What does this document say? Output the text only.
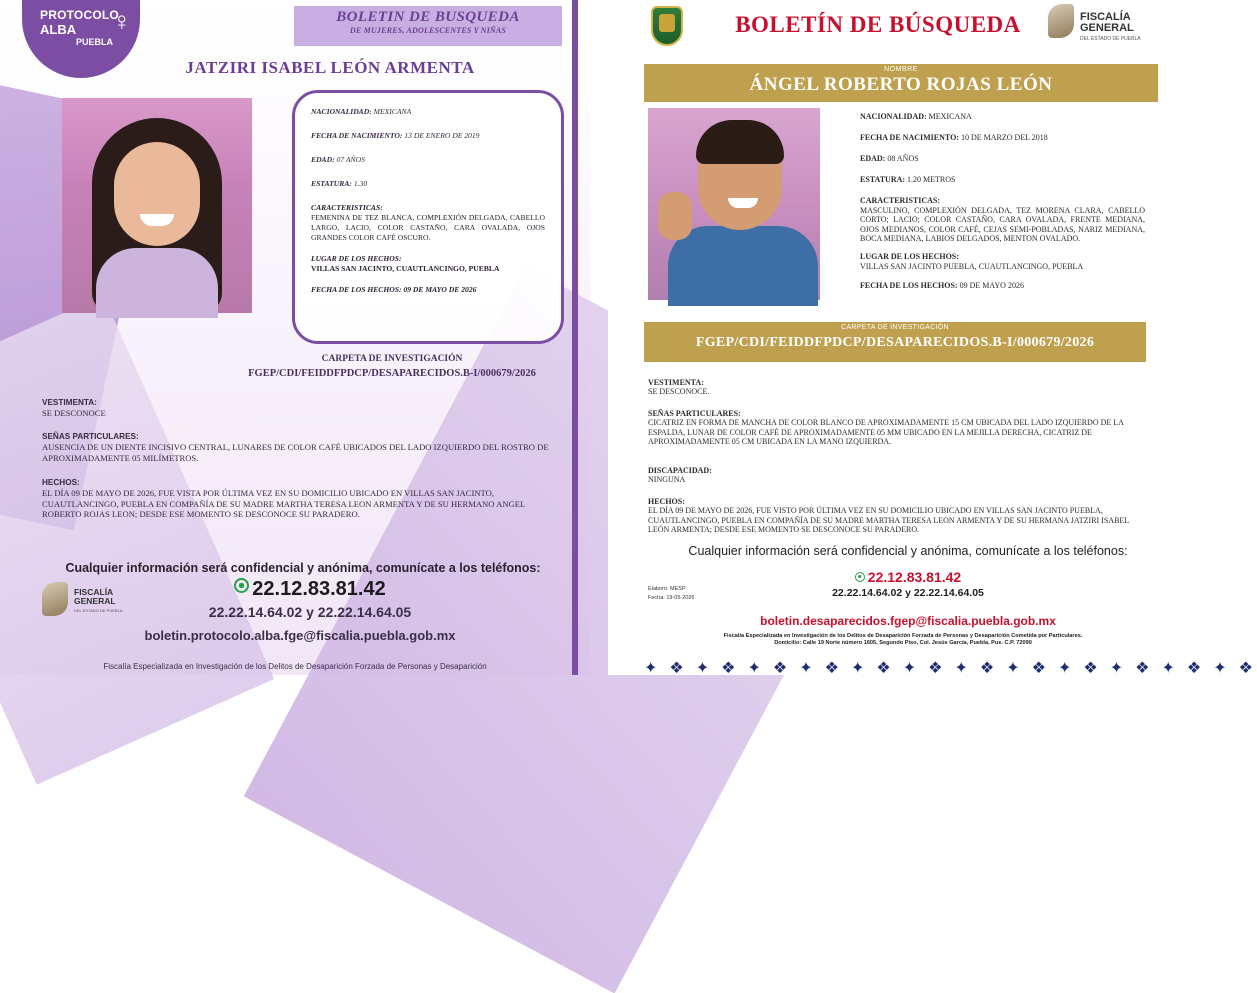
PROTOCOLO
ALBA
PUEBLA
♀	BOLETIN DE BUSQUEDA
DE MUJERES, ADOLESCENTES Y NIÑAS
JATZIRI ISABEL LEÓN ARMENTA
NACIONALIDAD: MEXICANA
FECHA DE NACIMIENTO: 13 DE ENERO DE 2019
EDAD: 07 AÑOS
ESTATURA: 1.30
CARACTERISTICAS:
FEMENINA DE TEZ BLANCA, COMPLEXIÓN DELGADA, CABELLO LARGO, LACIO, COLOR CASTAÑO, CARA OVALADA, OJOS GRANDES COLOR CAFÉ OSCURO.
LUGAR DE LOS HECHOS:
VILLAS SAN JACINTO, CUAUTLANCINGO, PUEBLA
FECHA DE LOS HECHOS: 09 DE MAYO DE 2026
CARPETA DE INVESTIGACIÓN
FGEP/CDI/FEIDDFPDCP/DESAPARECIDOS.B-I/000679/2026
VESTIMENTA:
SE DESCONOCE
SEÑAS PARTICULARES:
AUSENCIA DE UN DIENTE INCISIVO CENTRAL, LUNARES DE COLOR CAFÉ UBICADOS DEL LADO IZQUIERDO DEL ROSTRO DE APROXIMADAMENTE 05 MILÍMETROS.
HECHOS:
EL DÍA 09 DE MAYO DE 2026, FUE VISTA POR ÚLTIMA VEZ EN SU DOMICILIO UBICADO EN VILLAS SAN JACINTO, CUAUTLANCINGO, PUEBLA EN COMPAÑÍA DE SU MADRE MARTHA TERESA LEON ARMENTA Y DE SU HERMANO ANGEL ROBERTO ROJAS LEON; DESDE ESE MOMENTO SE DESCONOCE SU PARADERO.
Cualquier información será confidencial y anónima, comunícate a los teléfonos:
FISCALÍA
GENERAL
DEL ESTADO DE PUEBLA
22.12.83.81.42
22.22.14.64.02 y 22.22.14.64.05
boletin.protocolo.alba.fge@fiscalia.puebla.gob.mx
Fiscalía Especializada en Investigación de los Delitos de Desaparición Forzada de Personas y Desaparición
BOLETÍN DE BÚSQUEDA	FISCALÍA
GENERAL
DEL ESTADO DE PUEBLA
NOMBRE
ÁNGEL ROBERTO ROJAS LEÓN
NACIONALIDAD: MEXICANA
FECHA DE NACIMIENTO: 10 DE MARZO DEL 2018
EDAD: 08 AÑOS
ESTATURA: 1.20 METROS
CARACTERISTICAS:
MASCULINO, COMPLEXIÓN DELGADA, TEZ MORENA CLARA, CABELLO CORTO; LACIO; COLOR CASTAÑO, CARA OVALADA, FRENTE MEDIANA, OJOS MEDIANOS, COLOR CAFÉ, CEJAS SEMI-POBLADAS, NARIZ MEDIANA, BOCA MEDIANA, LABIOS DELGADOS, MENTON OVALADO.
LUGAR DE LOS HECHOS:
VILLAS SAN JACINTO PUEBLA, CUAUTLANCINGO, PUEBLA
FECHA DE LOS HECHOS: 09 DE MAYO 2026
CARPETA DE INVESTIGACIÓN
FGEP/CDI/FEIDDFPDCP/DESAPARECIDOS.B-I/000679/2026
VESTIMENTA:
SE DESCONOCE.
SEÑAS PARTICULARES:
CICATRIZ EN FORMA DE MANCHA DE COLOR BLANCO DE APROXIMADAMENTE 15 CM UBICADA DEL LADO IZQUIERDO DE LA ESPALDA, LUNAR DE COLOR CAFÉ DE APROXIMADAMENTE 05 MM UBICADO EN LA MEJILLA DERECHA, CICATRIZ DE APROXIMADAMENTE 05 CM UBICADA EN LA MANO IZQUIERDA.
DISCAPACIDAD:
NINGUNA
HECHOS:
EL DÍA 09 DE MAYO DE 2026, FUE VISTO POR ÚLTIMA VEZ EN SU DOMICILIO UBICADO EN VILLAS SAN JACINTO PUEBLA, CUAUTLANCINGO, PUEBLA EN COMPAÑÍA DE SU MADRE MARTHA TERESA LEON ARMENTA Y DE SU HERMANA JATZIRI ISABEL LEÓN ARMENTA; DESDE ESE MOMENTO SE DESCONOCE SU PARADERO.
Cualquier información será confidencial y anónima, comunícate a los teléfonos:
22.12.83.81.42
22.22.14.64.02 y 22.22.14.64.05
Elaboro: MESP
Fecha: 19-05-2026
boletin.desaparecidos.fgep@fiscalia.puebla.gob.mx
Fiscalía Especializada en Investigación de los Delitos de Desaparición Forzada de Personas y Desaparición Cometida por Particulares.
Domicilio: Calle 19 Norte número 1605, Segundo Piso, Col. Jesús García, Puebla, Pue. C.P. 72090
✦ ❖ ✦ ❖ ✦ ❖ ✦ ❖ ✦ ❖ ✦ ❖ ✦ ❖ ✦ ❖ ✦ ❖ ✦ ❖ ✦ ❖ ✦ ❖
